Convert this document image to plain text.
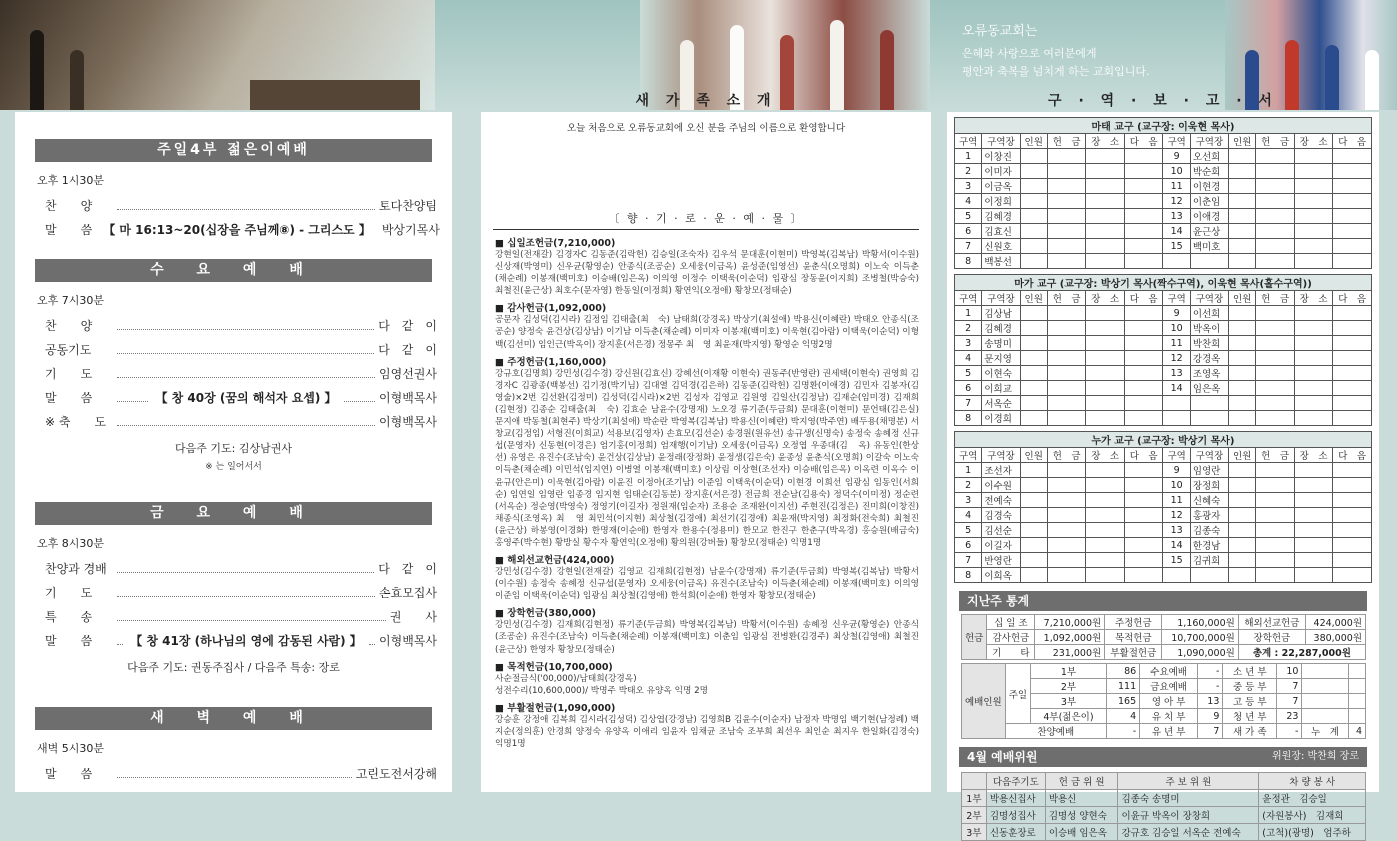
오류동교회는
은혜와 사랑으로 여러분에게
평안과 축복을 넘치게 하는 교회입니다.
새 가 족 소 개	구 · 역 · 보 · 고 · 서
주일4부 젊은이예배
오후 1시30분
찬　　양	토다찬양팀
말　　씀 【 마 16:13~20(십장을 주님께⑧) - 그리스도 】 박상기목사
수 요 예 배
오후 7시30분
찬　　양	다　같　이
공동기도	다　같　이
기　　도	임영선권사
말　　씀	【 창 40장 (꿈의 해석자 요셉) 】	이형백목사
※ 축　　도	이형백목사
다음주 기도: 김상남권사
※ 는 일어서서
금 요 예 배
오후 8시30분
찬양과 경배	다　같　이
기　　도	손효모집사
특　　송	권　　사
말　　씀	【 창 41장 (하나님의 영에 감동된 사람) 】 이형백목사
다음주 기도: 권동주집사 / 다음주 특송: 장로
새 벽 예 배
새벽 5시30분
말　　씀	고린도전서강해
오늘 처음으로 오류동교회에 오신 분을 주님의 이름으로 환영합니다
〔 향 · 기 · 로 · 운 · 예 · 물 〕
■ 십일조헌금(7,210,000)
강현일(전재갈) 김경자C 김동준(김락헌) 김승일(조숙자) 김우석 문대훈(이현미) 박영복(김복남) 박황서(이수원) 신상재(박영미) 신우균(황영순) 안종식(조공순) 오세웅(이금옥) 윤성준(임영선) 윤춘식(오명희) 이노숙 이득춘(채순례) 이봉재(백미호) 이승배(임은옥) 이의영 이정수 이택욱(이순덕) 임광심 장동윤(이지희) 조병철(박승숙) 최철진(윤근상) 최호수(문자영) 한동일(이정희) 황연익(오정애) 황창모(정태순)
■ 감사헌금(1,092,000)
공문자 김성덕(김시라) 김정임 김태출(최　숙) 남태희(강경옥) 박상기(최설애) 박용신(이혜란) 박태오 안종식(조공순) 양정숙 윤건상(김상남) 이기남 이득춘(채순례) 이미자 이봉재(백미호) 이욱현(김아람) 이택욱(이순덕) 이형백(김선미) 임인근(박옥이) 장지훈(서은경) 정몽주 최　영 최윤재(박지영) 황영순 익명2명
■ 주정헌금(1,160,000)
강규호(김명희) 강민성(김수경) 강신원(김효신) 강혜선(이재황 이현숙) 권동주(반영란) 권세택(이현숙) 권영희 김경자C 김광종(백봉선) 김기정(박기님) 김대열 김덕경(김은하) 김동준(김락헌) 김명환(이애경) 김민자 김봉자(김영술)×2번 김선환(김정미) 김성덕(김시라)×2번 김성자 김영교 김원영 김일산(김정남) 김재순(임미경) 김재희(김현정) 김종순 김태출(최　숙) 김효순 남윤수(강명재) 노오경 류기준(두금희) 문대훈(이현미) 문언태(김은실) 문지애 박동철(최현주) 박상기(최설애) 박순란 박영복(김복남) 박용신(이혜란) 박지영(박주연) 배두용(채명분) 서창교(김정임) 서형진(이희교) 석용보(김영자) 손효모(김선순) 송경원(원유선) 송규생(신명숙) 송정숙 송혜정 신규섭(문영자) 신동현(이경은) 엄기홍(이정희) 엄재행(이기남) 오세웅(이금옥) 오정엽 우종대(김　옥) 유동인(한상선) 유영은 유진수(조남숙) 윤건상(김상남) 윤정래(장정화) 윤정생(김은숙) 윤종성 윤춘식(오명희) 이갈숙 이노숙 이득춘(채순례) 이민석(임지연) 이병열 이봉재(백미호) 이상림 이상현(조선자) 이승배(임은옥) 이옥련 이옥수 이윤규(안은미) 이욱현(김아람) 이윤진 이정아(조기남) 이준임 이택욱(이순덕) 이현경 이희선 임광심 임동인(서희순) 임연일 임영란 임종경 임지현 임태순(김동분) 장지훈(서은경) 전금희 전순남(김용숙) 정덕수(이미정) 정순련(서옥순) 정순영(박영숙) 정영기(이길자) 정원재(임순자) 조용순 조재완(이지선) 주현진(김정은) 진미희(이창진) 채종식(조영옥) 최　영 최민석(이지현) 최상철(김경애) 최선기(김경애) 최윤재(박지영) 최정화(전숙희) 최철진(윤근상) 하봉영(이경화) 한명재(이순애) 한영자 한용수(정용미) 한모교 한진구 한춘구(박옥경) 홍승원(배금숙) 홍영주(박수현) 황방실 황수자 황연익(오정애) 황의원(강버들) 황창모(정태순) 익명1명
■ 해외선교헌금(424,000)
강민성(김수경) 강현일(전재갈) 김영교 김재희(김현정) 남윤수(강명재) 류기준(두금희) 박영복(김복남) 박황서(이수원) 송정숙 송혜정 신규섭(문영자) 오세웅(이금옥) 유진수(조남숙) 이득춘(채순례) 이봉재(백미호) 이의영 이준임 이택욱(이순덕) 임광심 최상철(김영애) 한석희(이순애) 한영자 황창모(정태순)
■ 장학헌금(380,000)
강민성(김수경) 김재희(김현정) 류기준(두금희) 박영복(김복남) 박황서(이수원) 송혜정 신우균(황영순) 안종식(조공순) 유진수(조남숙) 이득춘(채순례) 이봉재(백미호) 이춘임 임광심 전병환(김경주) 최상철(김영애) 최철진(윤근상) 한영자 황창모(정태순)
■ 목적헌금(10,700,000)
사순절금식('00,000)/남태희(강경옥)
성전수리(10,600,000)/ 박명주 박태오 유양옥 익명 2명
■ 부활절헌금(1,090,000)
강승훈 강정애 김복희 김시라(김성덕) 김상엽(강경남) 김영희B 김윤수(이순자) 남정자 박명임 백기현(남정례) 백지순(정의훈) 안경희 양정숙 유양옥 이애리 임윤자 임채균 조남숙 조부희 최선우 최인순 최지우 한일화(김경숙) 익명1명
마태 교구 (교구장: 이욱현 목사)											
구역	구역장	인원	헌　금	장　소	다　음	구역	구역장	인원	헌　금	장　소	다　음
1	이창진					9	오선희				
2	이미자					10	박순희				
3	이금옥					11	이현경				
4	이정희					12	이춘임				
5	김혜경					13	이애경				
6	김효신					14	윤근상				
7	신원호					15	백미호				
8	백봉선										
마가 교구 (교구장: 박상기 목사(짝수구역), 이욱현 목사(홀수구역))											
구역	구역장	인원	헌　금	장　소	다　음	구역	구역장	인원	헌　금	장　소	다　음
1	김상남					9	이선희				
2	김혜경					10	박옥이				
3	송명미					11	박찬희				
4	문지영					12	강경옥				
5	이현숙					13	조영옥				
6	이희교					14	임은옥				
7	서옥순										
8	이경희										
누가 교구 (교구장: 박상기 목사)											
구역	구역장	인원	헌　금	장　소	다　음	구역	구역장	인원	헌　금	장　소	다　음
1	조선자					9	임영란				
2	이수원					10	장정희				
3	전예숙					11	신혜숙				
4	김경숙					12	홍광자				
5	김선순					13	김종숙				
6	이길자					14	한경남				
7	반영란					15	김귀희				
8	이희옥										
지난주 통계
헌금	십 일 조	7,210,000원	주정헌금	1,160,000원	해외선교헌금	424,000원
	감사헌금	1,092,000원	목적헌금	10,700,000원	장학헌금	380,000원
	기　　타	231,000원	부활절헌금	1,090,000원	총계 : 22,287,000원	
예배인원	주일	1부	86	수요예배	-	소 년 부	10		
		2부	111	금요예배	-	중 등 부	7		
		3부	165	영 아 부	13	고 등 부	7		
		4부(젊은이)	4	유 치 부	9	청 년 부	23		
	찬양예배		-	유 년 부	7	새 가 족	-	누　계	4
4월 예배위원	위원장: 박찬희 장로
	다음주기도	헌 금 위 원	주 보 위 원	차 량 봉 사
1부	박용신집사	박용신	김종숙 송명미	윤정관　김승일
2부	김명성집사	김명성 양현숙	이윤규 박옥이 장창희	(자원봉사)　김재희
3부	신동훈장로	이승배 임은옥	강규호 김승일 서옥순 전예숙	(고척)(광명)　엄주하
